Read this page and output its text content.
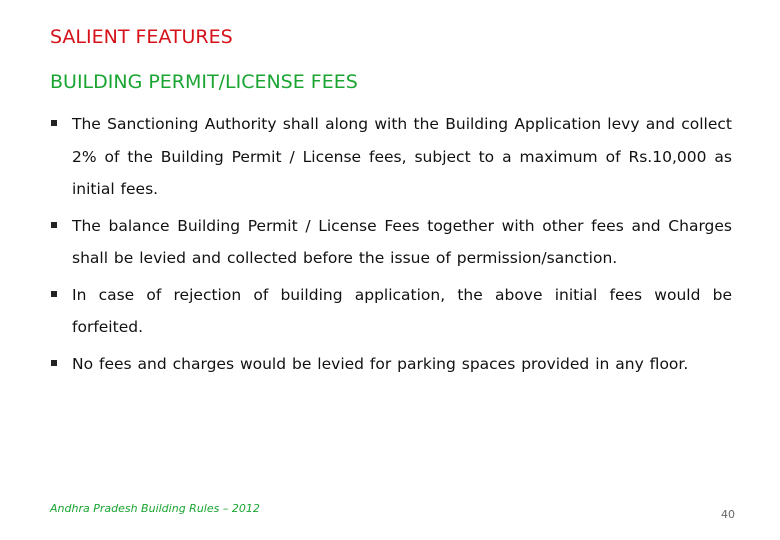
SALIENT FEATURES
BUILDING PERMIT/LICENSE FEES
The Sanctioning Authority shall along with the Building Application levy and collect 2% of the Building Permit / License fees, subject to a maximum of Rs.10,000 as initial fees.
The balance Building Permit / License Fees together with other fees and Charges shall be levied and collected before the issue of permission/sanction.
In case of rejection of building application, the above initial fees would be forfeited.
No fees and charges would be levied for parking spaces provided in any floor.
Andhra Pradesh Building Rules – 2012	40
